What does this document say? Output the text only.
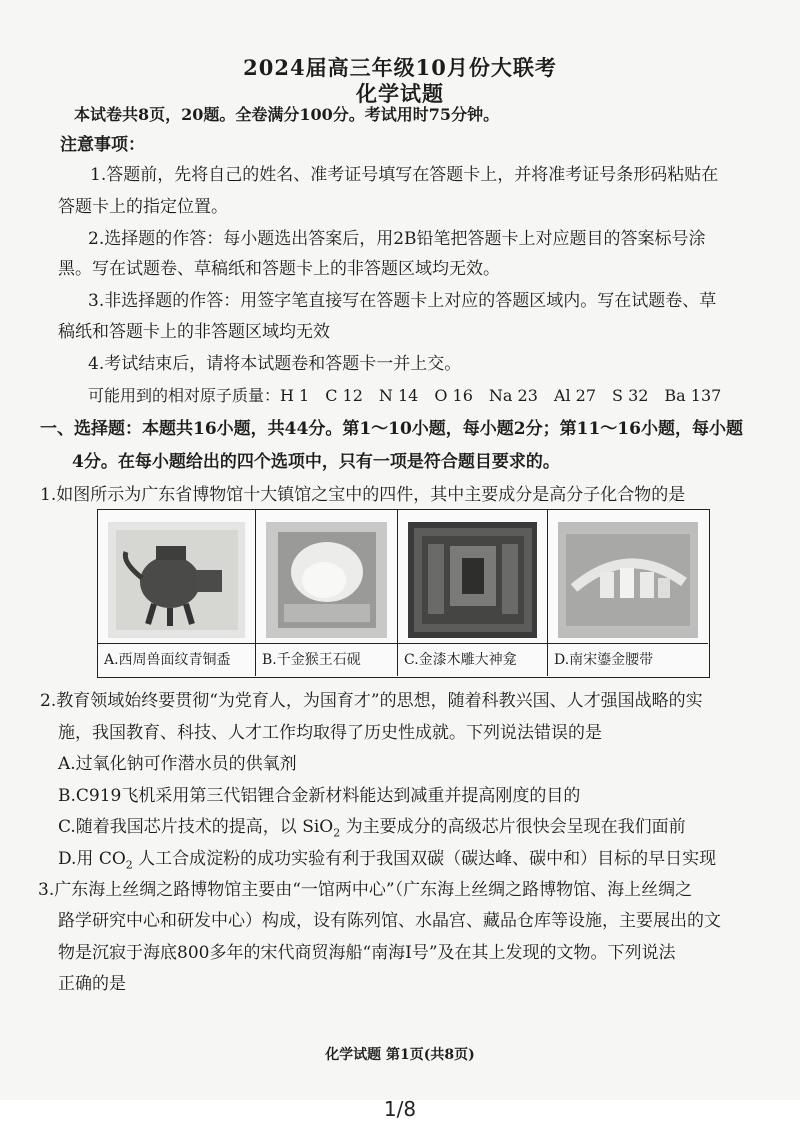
2024届高三年级10月份大联考
化学试题
本试卷共8页，20题。全卷满分100分。考试用时75分钟。
注意事项：
1.答题前，先将自己的姓名、准考证号填写在答题卡上，并将准考证号条形码粘贴在
答题卡上的指定位置。
2.选择题的作答：每小题选出答案后，用2B铅笔把答题卡上对应题目的答案标号涂
黑。写在试题卷、草稿纸和答题卡上的非答题区域均无效。
3.非选择题的作答：用签字笔直接写在答题卡上对应的答题区域内。写在试题卷、草
稿纸和答题卡上的非答题区域均无效
4.考试结束后，请将本试题卷和答题卡一并上交。
可能用到的相对原子质量：H 1　C 12　N 14　O 16　Na 23　Al 27　S 32　Ba 137
一、选择题：本题共16小题，共44分。第1～10小题，每小题2分；第11～16小题，每小题
4分。在每小题给出的四个选项中，只有一项是符合题目要求的。
1.如图所示为广东省博物馆十大镇馆之宝中的四件，其中主要成分是高分子化合物的是
A.西周兽面纹青铜盉	B.千金猴王石砚	C.金漆木雕大神龛	D.南宋鎏金腰带
2.教育领域始终要贯彻“为党育人，为国育才”的思想，随着科教兴国、人才强国战略的实
施，我国教育、科技、人才工作均取得了历史性成就。下列说法错误的是
A.过氧化钠可作潜水员的供氧剂
B.C919飞机采用第三代铝锂合金新材料能达到减重并提高刚度的目的
C.随着我国芯片技术的提高，以 SiO$_2$ 为主要成分的高级芯片很快会呈现在我们面前
D.用 $CO_2$ 人工合成淀粉的成功实验有利于我国双碳（碳达峰、碳中和）目标的早日实现
3.广东海上丝绸之路博物馆主要由“一馆两中心”（广东海上丝绸之路博物馆、海上丝绸之
路学研究中心和研发中心）构成，设有陈列馆、水晶宫、藏品仓库等设施，主要展出的文
物是沉寂于海底800多年的宋代商贸海船“南海Ⅰ号”及在其上发现的文物。下列说法
正确的是
化学试题 第1页(共8页)
1/8
